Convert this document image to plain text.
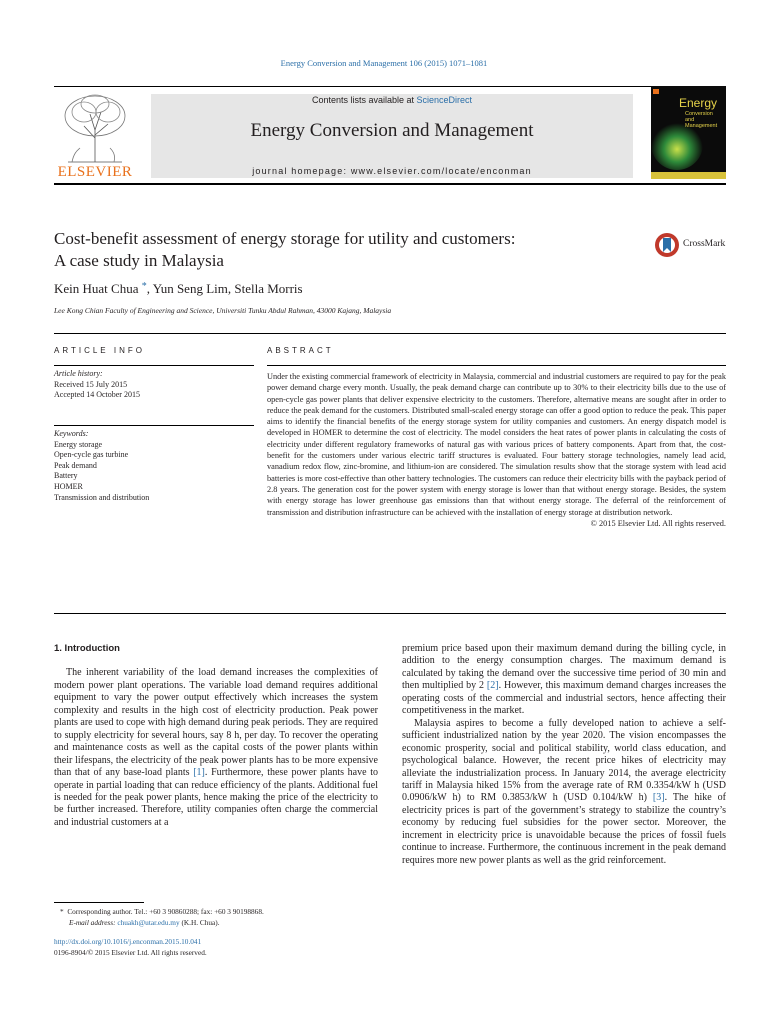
Energy Conversion and Management 106 (2015) 1071–1081
ELSEVIER
Contents lists available at ScienceDirect
Energy Conversion and Management
journal homepage: www.elsevier.com/locate/enconman
Energy
Conversion
and Management
Cost-benefit assessment of energy storage for utility and customers:
A case study in Malaysia
CrossMark
Kein Huat Chua *, Yun Seng Lim, Stella Morris
Lee Kong Chian Faculty of Engineering and Science, Universiti Tunku Abdul Rahman, 43000 Kajang, Malaysia
ARTICLE INFO
Article history:
Received 15 July 2015
Accepted 14 October 2015
Keywords:
Energy storage
Open-cycle gas turbine
Peak demand
Battery
HOMER
Transmission and distribution
ABSTRACT

Under the existing commercial framework of electricity in Malaysia, commercial and industrial customers are required to pay for the peak power demand charge every month. Usually, the peak demand charge can contribute up to 30% to their electricity bills due to the use of open-cycle gas power plants that deliver expensive electricity to the customers. Therefore, alternative means are sought after in order to reduce the peak demand for the customers. Distributed small-scaled energy storage can offer a good option to reduce the peak. This paper aims to identify the financial benefits of the energy storage system for utility companies and customers. An energy dispatch model is developed in HOMER to determine the cost of electricity. The model considers the heat rates of power plants in calculating the costs of electricity under different regulatory frameworks of natural gas with various prices of battery components. Apart from that, the cost-benefit for the customers under various electric tariff structures is evaluated. Four battery storage technologies, namely lead acid, vanadium redox flow, zinc-bromine, and lithium-ion are considered. The simulation results show that the storage system with lead acid batteries is more cost-effective than other battery technologies. The customers can reduce their electricity bills with the payback period of 2.8 years. The generation cost for the power system with energy storage is lower than that without energy storage. Besides, the system with energy storage has lower greenhouse gas emissions than that without energy storage. The deferral of the reinforcement of transmission and distribution infrastructure can be achieved with the installation of energy storage at distribution network.

© 2015 Elsevier Ltd. All rights reserved.
1. Introduction

The inherent variability of the load demand increases the complexities of modern power plant operations. The variable load demand requires additional equipment to vary the power output effectively which increases the system complexity and results in the high cost of electricity production. Peak power plants are used to cope with high demand during peak periods. They are required to supply electricity for several hours, say 8 h, per day. To recover the operating and maintenance costs as well as the capital costs of the power plants within their lifespans, the electricity of the peak power plants has to be more expensive than that of any base-load plants [1]. Furthermore, these power plants have to operate in partial loading that can reduce efficiency of the plants. Additional fuel is needed for the peak power plants, hence making the price of the electricity to be further increased. Therefore, utility companies often charge the commercial and industrial customers at a

premium price based upon their maximum demand during the billing cycle, in addition to the energy consumption charges. The maximum demand is calculated by taking the demand over the successive time period of 30 min and then multiplied by 2 [2]. However, this maximum demand charges increases the operating costs of the commercial and industrial sectors, hence affecting their competitiveness in the market.

Malaysia aspires to become a fully developed nation to achieve a self-sufficient industrialized nation by the year 2020. The vision encompasses the economic prosperity, social and political stability, world class education, and psychological balance. However, the recent price hikes of electricity may alleviate the industrialization process. In January 2014, the average electricity tariff in Malaysia hiked 15% from the average rate of RM 0.3354/kW h (USD 0.0906/kW h) to RM 0.3853/kW h (USD 0.104/kW h) [3]. The hike of electricity prices is part of the government’s strategy to stabilize the country’s economy by reducing fuel subsidies for the power sector. Moreover, the increment in electricity price is unavoidable because the prices of fossil fuels continue to increase. Furthermore, the continuous increment in the peak demand requires more new power plants as well as the grid reinforcement.

* Corresponding author. Tel.: +60 3 90860288; fax: +60 3 90198868.
E-mail address: chuakh@utar.edu.my (K.H. Chua).
http://dx.doi.org/10.1016/j.enconman.2015.10.041
0196-8904/© 2015 Elsevier Ltd. All rights reserved.
